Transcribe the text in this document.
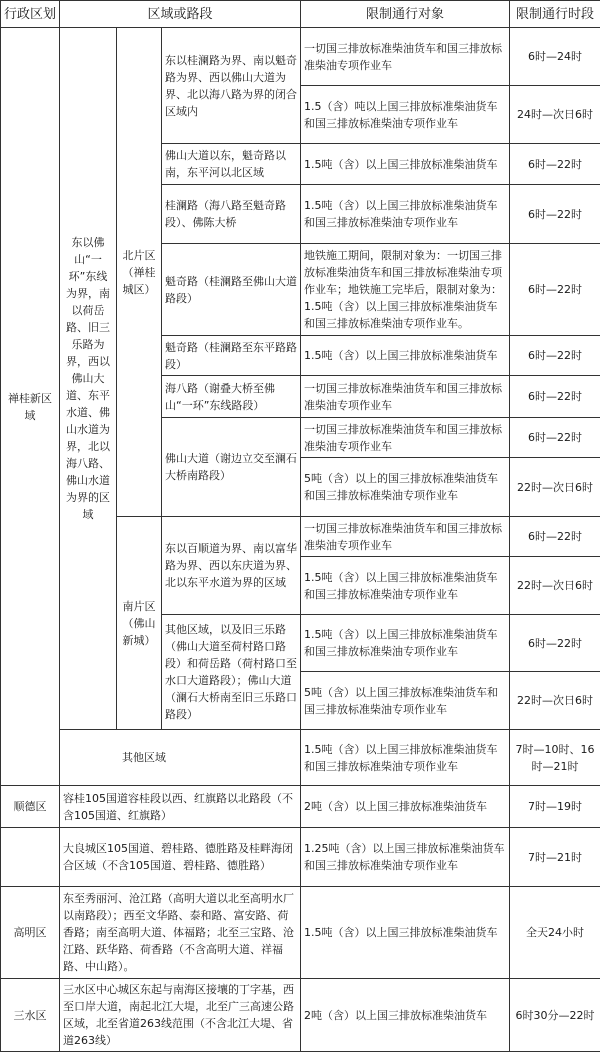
行政区划	区域或路段			限制通行对象	限制通行时段
禅桂新区域	东以佛山“一环”东线为界，南以荷岳路、旧三乐路为界，西以佛山大道、东平水道、佛山水道为界，北以海八路、佛山水道为界的区域	北片区（禅桂城区）	东以桂澜路为界、南以魁奇路为界、西以佛山大道为界、北以海八路为界的闭合区域内	一切国三排放标准柴油货车和国三排放标准柴油专项作业车	6时—24时
				1.5（含）吨以上国三排放标准柴油货车和国三排放标准柴油专项作业车	24时—次日6时
			佛山大道以东，魁奇路以南，东平河以北区域	1.5吨（含）以上国三排放标准柴油货车	6时—22时
			桂澜路（海八路至魁奇路段）、佛陈大桥	1.5吨（含）以上国三排放标准柴油货车和国三排放标准柴油专项作业车	6时—22时
			魁奇路（桂澜路至佛山大道路段）	地铁施工期间，限制对象为：一切国三排放标准柴油货车和国三排放标准柴油专项作业车；地铁施工完毕后，限制对象为：1.5吨（含）以上国三排放标准柴油货车和国三排放标准柴油专项作业车。	6时—22时
			魁奇路（桂澜路至东平路路段）	1.5吨（含）以上国三排放标准柴油货车	6时—22时
			海八路（谢叠大桥至佛山“一环”东线路段）	一切国三排放标准柴油货车和国三排放标准柴油专项作业车	6时—22时
			佛山大道（谢边立交至澜石大桥南路段）	一切国三排放标准柴油货车和国三排放标准柴油专项作业车	6时—22时
				5吨（含）以上的国三排放标准柴油货车和国三排放标准柴油专项作业车	22时—次日6时
		南片区（佛山新城）	东以百顺道为界、南以富华路为界、西以东庆道为界、北以东平水道为界的区域	一切国三排放标准柴油货车和国三排放标准柴油专项作业车	6时—22时
				1.5吨（含）以上国三排放标准柴油货车和国三排放标准柴油专项作业车	22时—次日6时
			其他区域，以及旧三乐路（佛山大道至荷村路口路段）和荷岳路（荷村路口至水口大道路段）；佛山大道（澜石大桥南至旧三乐路口路段）	1.5吨（含）以上国三排放标准柴油货车和国三排放标准柴油专项作业车	6时—22时
				5吨（含）以上国三排放标准柴油货车和国三排放标准柴油专项作业车	22时—次日6时
	其他区域			1.5吨（含）以上国三排放标准柴油货车和国三排放标准柴油专项作业车	7时—10时、16时—21时
顺德区	容桂105国道容桂段以西、红旗路以北路段（不含105国道、红旗路）			2吨（含）以上国三排放标准柴油货车	7时—19时
	大良城区105国道、碧桂路、德胜路及桂畔海闭合区域（不含105国道、碧桂路、德胜路）			1.25吨（含）以上国三排放标准柴油货车和国三排放标准柴油专项作业车	7时—21时
高明区	东至秀丽河、沧江路（高明大道以北至高明水厂以南路段）；西至文华路、泰和路、富安路、荷香路；南至高明大道、体福路；北至三宝路、沧江路、跃华路、荷香路（不含高明大道、祥福路、中山路）。			1.5吨（含）以上国三排放标准柴油货车	全天24小时
三水区	三水区中心城区东起与南海区接壤的丁字基，西至口岸大道，南起北江大堤，北至广三高速公路区域，北至省道263线范围（不含北江大堤、省道263线）			2吨（含）以上国三排放标准柴油货车	6时30分—22时
